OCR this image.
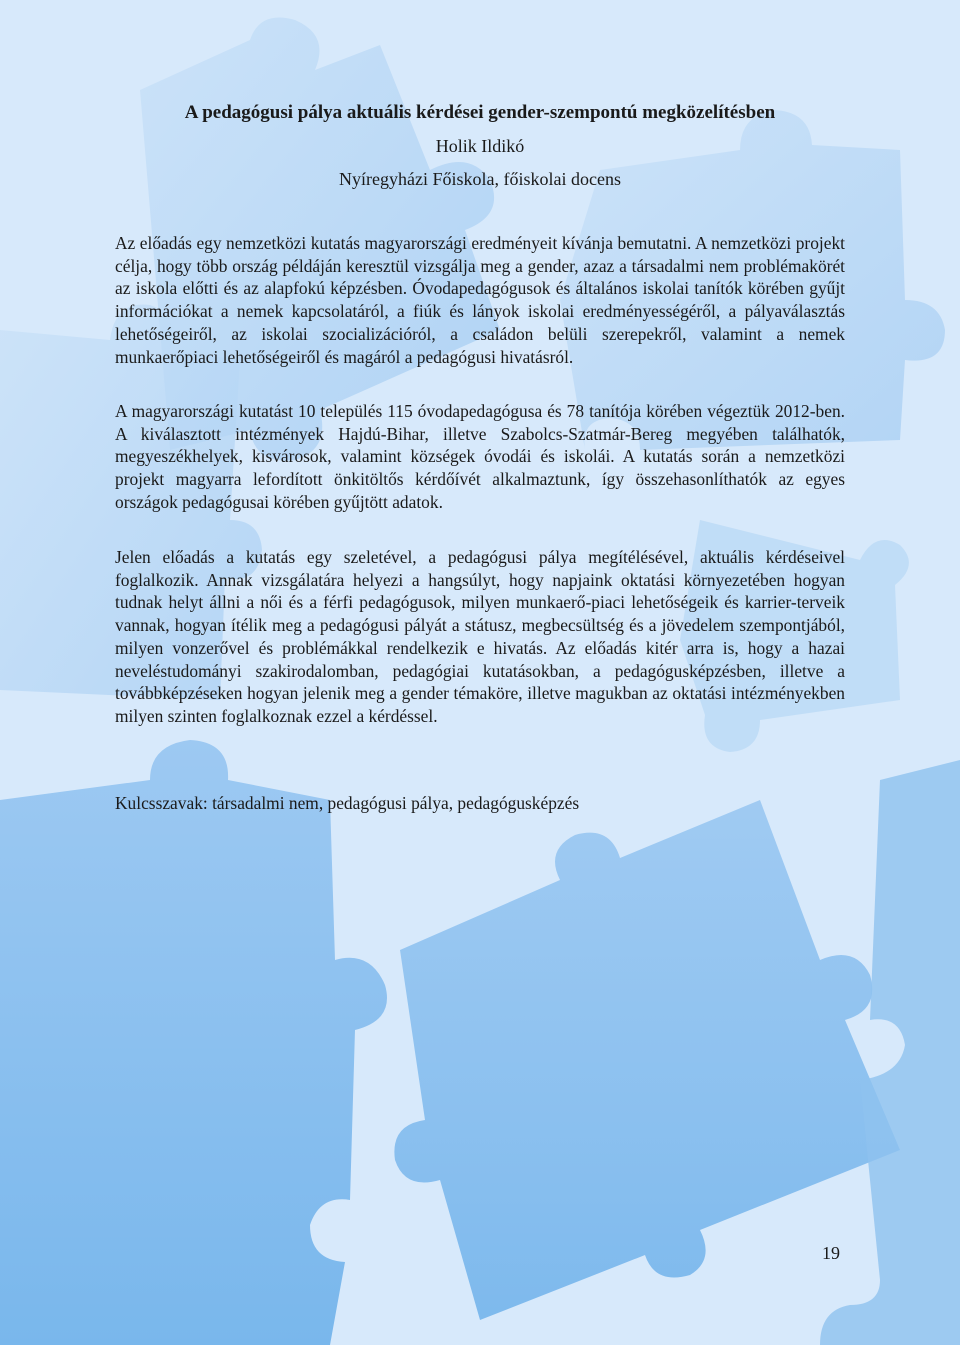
A pedagógusi pálya aktuális kérdései gender-szempontú megközelítésben
Holik Ildikó
Nyíregyházi Főiskola, főiskolai docens

Az előadás egy nemzetközi kutatás magyarországi eredményeit kívánja bemutatni. A nemzetközi projekt célja, hogy több ország példáján keresztül vizsgálja meg a gender, azaz a társadalmi nem problémakörét az iskola előtti és az alapfokú képzésben. Óvodapedagógusok és általános iskolai tanítók körében gyűjt információkat a nemek kapcsolatáról, a fiúk és lányok iskolai eredményességéről, a pályaválasztás lehetőségeiről, az iskolai szocializációról, a családon belüli szerepekről, valamint a nemek munkaerőpiaci lehetőségeiről és magáról a pedagógusi hivatásról.

A magyarországi kutatást 10 település 115 óvodapedagógusa és 78 tanítója körében végeztük 2012-ben. A kiválasztott intézmények Hajdú-Bihar, illetve Szabolcs-Szatmár-Bereg megyében találhatók, megyeszékhelyek, kisvárosok, valamint községek óvodái és iskolái. A kutatás során a nemzetközi projekt magyarra lefordított önkitöltős kérdőívét alkalmaztunk, így összehasonlíthatók az egyes országok pedagógusai körében gyűjtött adatok.

Jelen előadás a kutatás egy szeletével, a pedagógusi pálya megítélésével, aktuális kérdéseivel foglalkozik. Annak vizsgálatára helyezi a hangsúlyt, hogy napjaink oktatási környezetében hogyan tudnak helyt állni a női és a férfi pedagógusok, milyen munkaerő-piaci lehetőségeik és karrier-terveik vannak, hogyan ítélik meg a pedagógusi pályát a státusz, megbecsültség és a jövedelem szempontjából, milyen vonzerővel és problémákkal rendelkezik e hivatás. Az előadás kitér arra is, hogy a hazai neveléstudományi szakirodalomban, pedagógiai kutatásokban, a pedagógusképzésben, illetve a továbbképzéseken hogyan jelenik meg a gender témaköre, illetve magukban az oktatási intézményekben milyen szinten foglalkoznak ezzel a kérdéssel.

Kulcsszavak: társadalmi nem, pedagógusi pálya, pedagógusképzés
19
